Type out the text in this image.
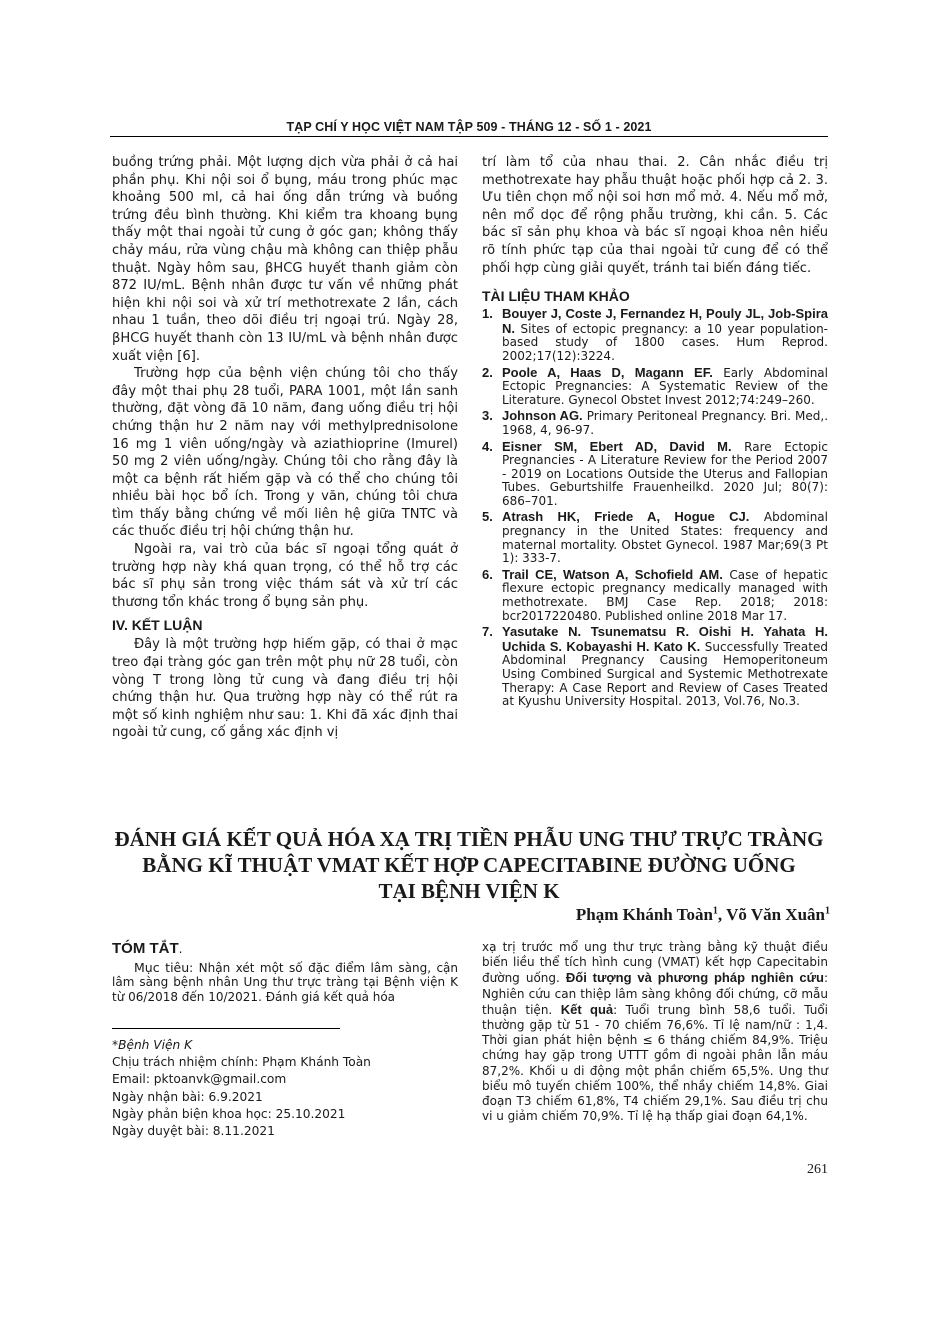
TẠP CHÍ Y HỌC VIỆT NAM TẬP 509 - THÁNG 12 - SỐ 1 - 2021

buồng trứng phải. Một lượng dịch vừa phải ở cả hai phần phụ. Khi nội soi ổ bụng, máu trong phúc mạc khoảng 500 ml, cả hai ống dẫn trứng và buồng trứng đều bình thường. Khi kiểm tra khoang bụng thấy một thai ngoài tử cung ở góc gan; không thấy chảy máu, rửa vùng chậu mà không can thiệp phẫu thuật. Ngày hôm sau, βHCG huyết thanh giảm còn 872 IU/mL. Bệnh nhân được tư vấn về những phát hiện khi nội soi và xử trí methotrexate 2 lần, cách nhau 1 tuần, theo dõi điều trị ngoại trú. Ngày 28, βHCG huyết thanh còn 13 IU/mL và bệnh nhân được xuất viện [6].

Trường hợp của bệnh viện chúng tôi cho thấy đây một thai phụ 28 tuổi, PARA 1001, một lần sanh thường, đặt vòng đã 10 năm, đang uống điều trị hội chứng thận hư 2 năm nay với methylprednisolone 16 mg 1 viên uống/ngày và aziathioprine (Imurel) 50 mg 2 viên uống/ngày. Chúng tôi cho rằng đây là một ca bệnh rất hiếm gặp và có thể cho chúng tôi nhiều bài học bổ ích. Trong y văn, chúng tôi chưa tìm thấy bằng chứng về mối liên hệ giữa TNTC và các thuốc điều trị hội chứng thận hư.

Ngoài ra, vai trò của bác sĩ ngoại tổng quát ở trường hợp này khá quan trọng, có thể hỗ trợ các bác sĩ phụ sản trong việc thám sát và xử trí các thương tổn khác trong ổ bụng sản phụ.

IV. KẾT LUẬN

Đây là một trường hợp hiếm gặp, có thai ở mạc treo đại tràng góc gan trên một phụ nữ 28 tuổi, còn vòng T trong lòng tử cung và đang điều trị hội chứng thận hư. Qua trường hợp này có thể rút ra một số kinh nghiệm như sau: 1. Khi đã xác định thai ngoài tử cung, cố gắng xác định vị

trí làm tổ của nhau thai. 2. Cân nhắc điều trị methotrexate hay phẫu thuật hoặc phối hợp cả 2. 3. Ưu tiên chọn mổ nội soi hơn mổ mở. 4. Nếu mổ mở, nên mổ dọc để rộng phẫu trường, khi cần. 5. Các bác sĩ sản phụ khoa và bác sĩ ngoại khoa nên hiểu rõ tính phức tạp của thai ngoài tử cung để có thể phối hợp cùng giải quyết, tránh tai biến đáng tiếc.

TÀI LIỆU THAM KHẢO
1. Bouyer J, Coste J, Fernandez H, Pouly JL, Job-Spira N. Sites of ectopic pregnancy: a 10 year population-based study of 1800 cases. Hum Reprod. 2002;17(12):3224.
2. Poole A, Haas D, Magann EF. Early Abdominal Ectopic Pregnancies: A Systematic Review of the Literature. Gynecol Obstet Invest 2012;74:249–260.
3. Johnson AG. Primary Peritoneal Pregnancy. Bri. Med,. 1968, 4, 96-97.
4. Eisner SM, Ebert AD, David M. Rare Ectopic Pregnancies - A Literature Review for the Period 2007 - 2019 on Locations Outside the Uterus and Fallopian Tubes. Geburtshilfe Frauenheilkd. 2020 Jul; 80(7): 686–701.
5. Atrash HK, Friede A, Hogue CJ. Abdominal pregnancy in the United States: frequency and maternal mortality. Obstet Gynecol. 1987 Mar;69(3 Pt 1): 333-7.
6. Trail CE, Watson A, Schofield AM. Case of hepatic flexure ectopic pregnancy medically managed with methotrexate. BMJ Case Rep. 2018; 2018: bcr2017220480. Published online 2018 Mar 17.
7. Yasutake N. Tsunematsu R. Oishi H. Yahata H. Uchida S. Kobayashi H. Kato K. Successfully Treated Abdominal Pregnancy Causing Hemoperitoneum Using Combined Surgical and Systemic Methotrexate Therapy: A Case Report and Review of Cases Treated at Kyushu University Hospital. 2013, Vol.76, No.3.
ĐÁNH GIÁ KẾT QUẢ HÓA XẠ TRỊ TIỀN PHẪU UNG THƯ TRỰC TRÀNG
BẰNG KĨ THUẬT VMAT KẾT HỢP CAPECITABINE ĐƯỜNG UỐNG
TẠI BỆNH VIỆN K
Phạm Khánh Toàn$^1$, Võ Văn Xuân$^1$
TÓM TẮT.

Mục tiêu: Nhận xét một số đặc điểm lâm sàng, cận lâm sàng bệnh nhân Ung thư trực tràng tại Bệnh viện K từ 06/2018 đến 10/2021. Đánh giá kết quả hóa

xạ trị trước mổ ung thư trực tràng bằng kỹ thuật điều biến liều thể tích hình cung (VMAT) kết hợp Capecitabin đường uống. Đối tượng và phương pháp nghiên cứu: Nghiên cứu can thiệp lâm sàng không đối chứng, cỡ mẫu thuận tiện. Kết quả: Tuổi trung bình 58,6 tuổi. Tuổi thường gặp từ 51 - 70 chiếm 76,6%. Tỉ lệ nam/nữ : 1,4. Thời gian phát hiện bệnh ≤ 6 tháng chiếm 84,9%. Triệu chứng hay gặp trong UTTT gồm đi ngoài phân lẫn máu 87,2%. Khối u di động một phần chiếm 65,5%. Ung thư biểu mô tuyến chiếm 100%, thể nhầy chiếm 14,8%. Giai đoạn T3 chiếm 61,8%, T4 chiếm 29,1%. Sau điều trị chu vi u giảm chiếm 70,9%. Tỉ lệ hạ thấp giai đoạn 64,1%.

*Bệnh Viện K
Chịu trách nhiệm chính: Phạm Khánh Toàn
Email: pktoanvk@gmail.com
Ngày nhận bài: 6.9.2021
Ngày phản biện khoa học: 25.10.2021
Ngày duyệt bài: 8.11.2021
261
